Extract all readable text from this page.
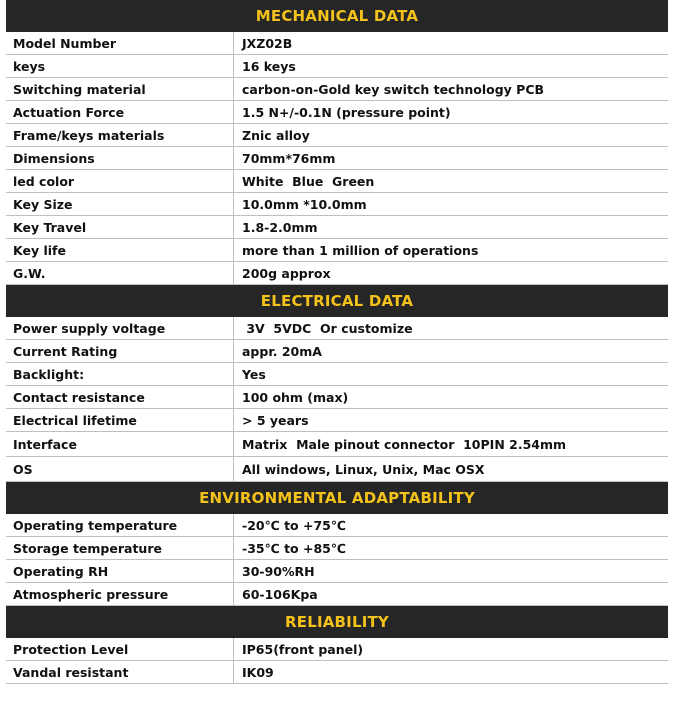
MECHANICAL DATA
Model Number	JXZ02B
keys	16 keys
Switching material	carbon-on-Gold key switch technology PCB
Actuation Force	1.5 N+/-0.1N (pressure point)
Frame/keys materials	Znic alloy
Dimensions	70mm*76mm
led color	White  Blue  Green
Key Size	10.0mm *10.0mm
Key Travel	1.8-2.0mm
Key life	more than 1 million of operations
G.W.	200g approx
ELECTRICAL DATA
Power supply voltage	3V  5VDC  Or customize
Current Rating	appr. 20mA
Backlight:	Yes
Contact resistance	100 ohm (max)
Electrical lifetime	> 5 years
Interface	Matrix  Male pinout connector  10PIN 2.54mm
OS	All windows, Linux, Unix, Mac OSX
ENVIRONMENTAL ADAPTABILITY
Operating temperature	-20℃ to +75℃
Storage temperature	-35℃ to +85℃
Operating RH	30-90%RH
Atmospheric pressure	60-106Kpa
RELIABILITY
Protection Level	IP65(front panel)
Vandal resistant	IK09
